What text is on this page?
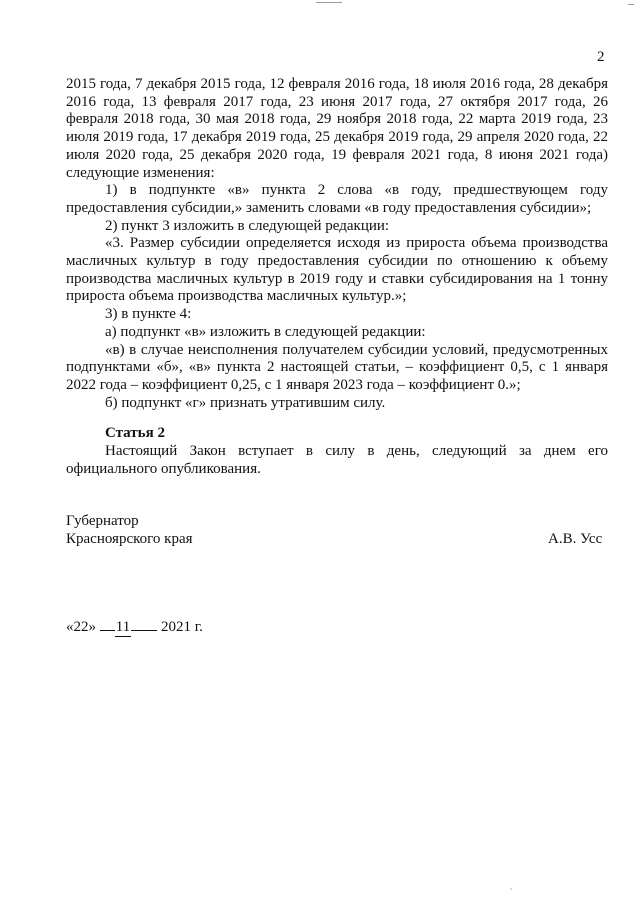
2

2015 года, 7 декабря 2015 года, 12 февраля 2016 года, 18 июля 2016 года, 28 декабря 2016 года, 13 февраля 2017 года, 23 июня 2017 года, 27 октября 2017 года, 26 февраля 2018 года, 30 мая 2018 года, 29 ноября 2018 года, 22 марта 2019 года, 23 июля 2019 года, 17 декабря 2019 года, 25 декабря 2019 года, 29 апреля 2020 года, 22 июля 2020 года, 25 декабря 2020 года, 19 февраля 2021 года, 8 июня 2021 года) следующие изменения:

1) в подпункте «в» пункта 2 слова «в году, предшествующем году предоставления субсидии,» заменить словами «в году предоставления субсидии»;

2) пункт 3 изложить в следующей редакции:

«3. Размер субсидии определяется исходя из прироста объема производства масличных культур в году предоставления субсидии по отношению к объему производства масличных культур в 2019 году и ставки субсидирования на 1 тонну прироста объема производства масличных культур.»;

3) в пункте 4:

а) подпункт «в» изложить в следующей редакции:

«в) в случае неисполнения получателем субсидии условий, предусмотренных подпунктами «б», «в» пункта 2 настоящей статьи, – коэффициент 0,5, с 1 января 2022 года – коэффициент 0,25, с 1 января 2023 года – коэффициент 0.»;

б) подпункт «г» признать утратившим силу.

Статья 2

Настоящий Закон вступает в силу в день, следующий за днем его официального опубликования.

Губернатор
Красноярского края	А.В. Усс
«22» 11 2021 г.
